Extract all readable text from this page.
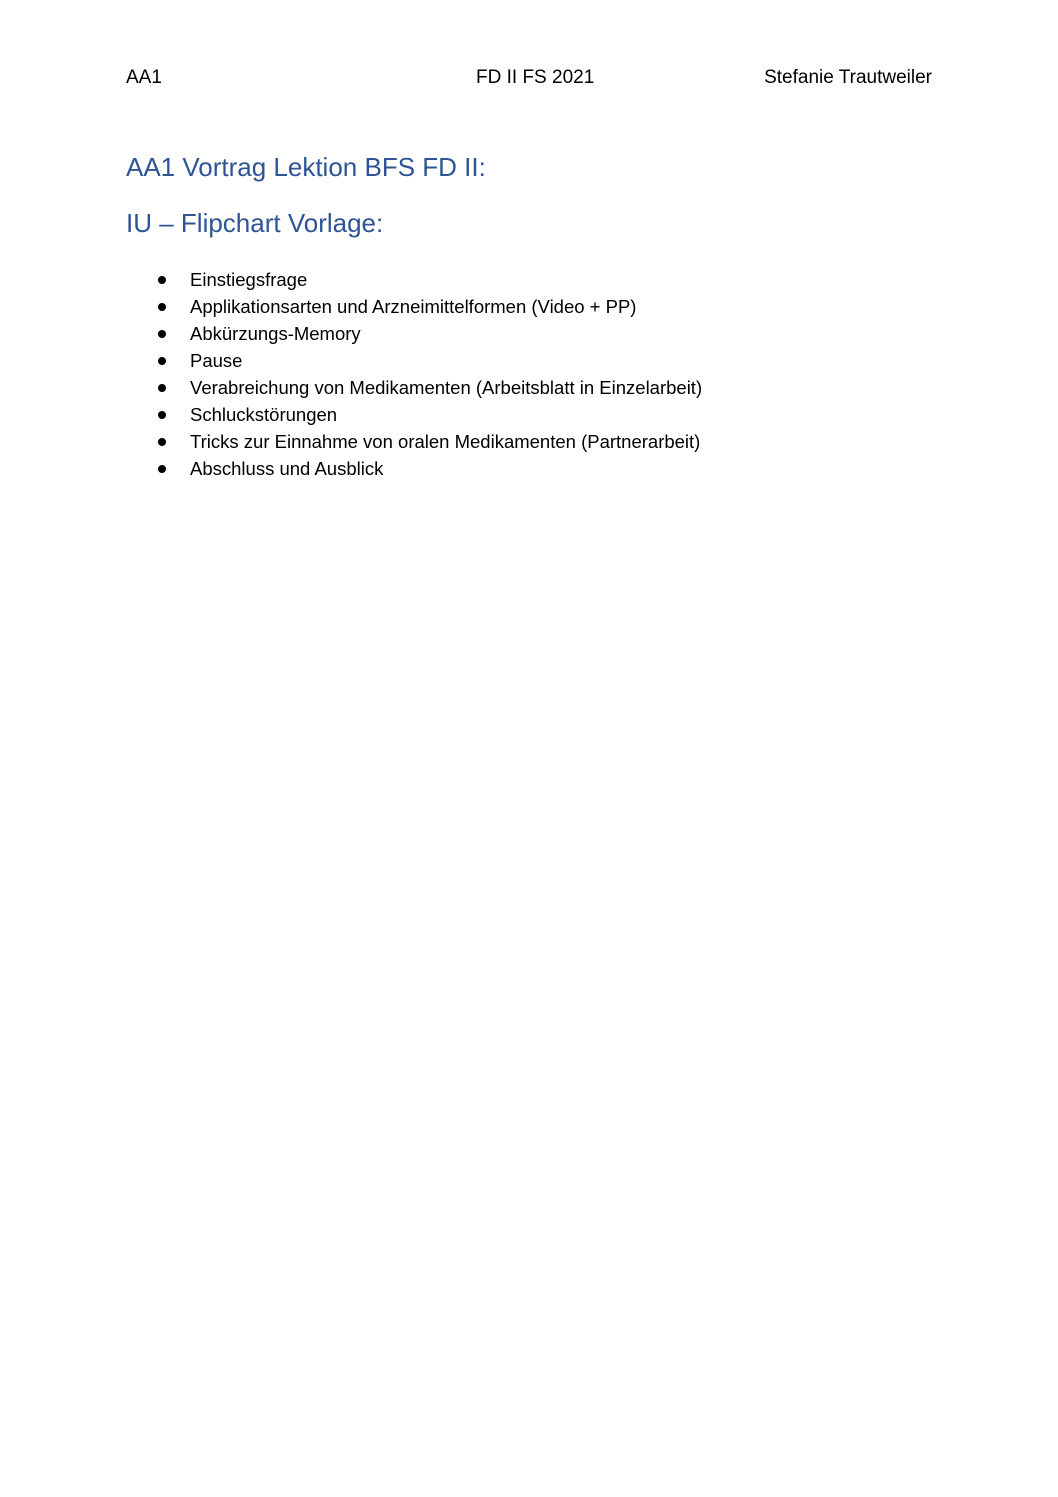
AA1	FD II FS 2021	Stefanie Trautweiler
AA1 Vortrag Lektion BFS FD II:
IU – Flipchart Vorlage:
Einstiegsfrage
Applikationsarten und Arzneimittelformen (Video + PP)
Abkürzungs-Memory
Pause
Verabreichung von Medikamenten (Arbeitsblatt in Einzelarbeit)
Schluckstörungen
Tricks zur Einnahme von oralen Medikamenten (Partnerarbeit)
Abschluss und Ausblick
